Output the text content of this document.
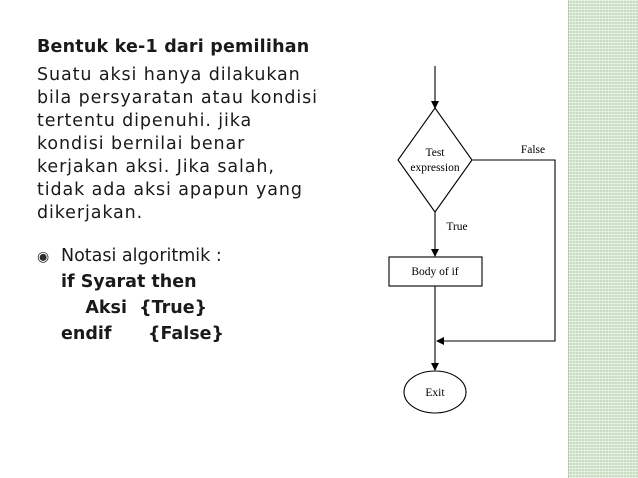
Bentuk ke-1 dari pemilihan
Suatu aksi hanya dilakukan
bila persyaratan atau kondisi
tertentu dipenuhi. jika
kondisi bernilai benar
kerjakan aksi. Jika salah,
tidak ada aksi apapun yang
dikerjakan.
◉ Notasi algoritmik :
if Syarat then
Aksi  {True}
endif      {False}
Test
expression
False
True
Body of if
Exit
